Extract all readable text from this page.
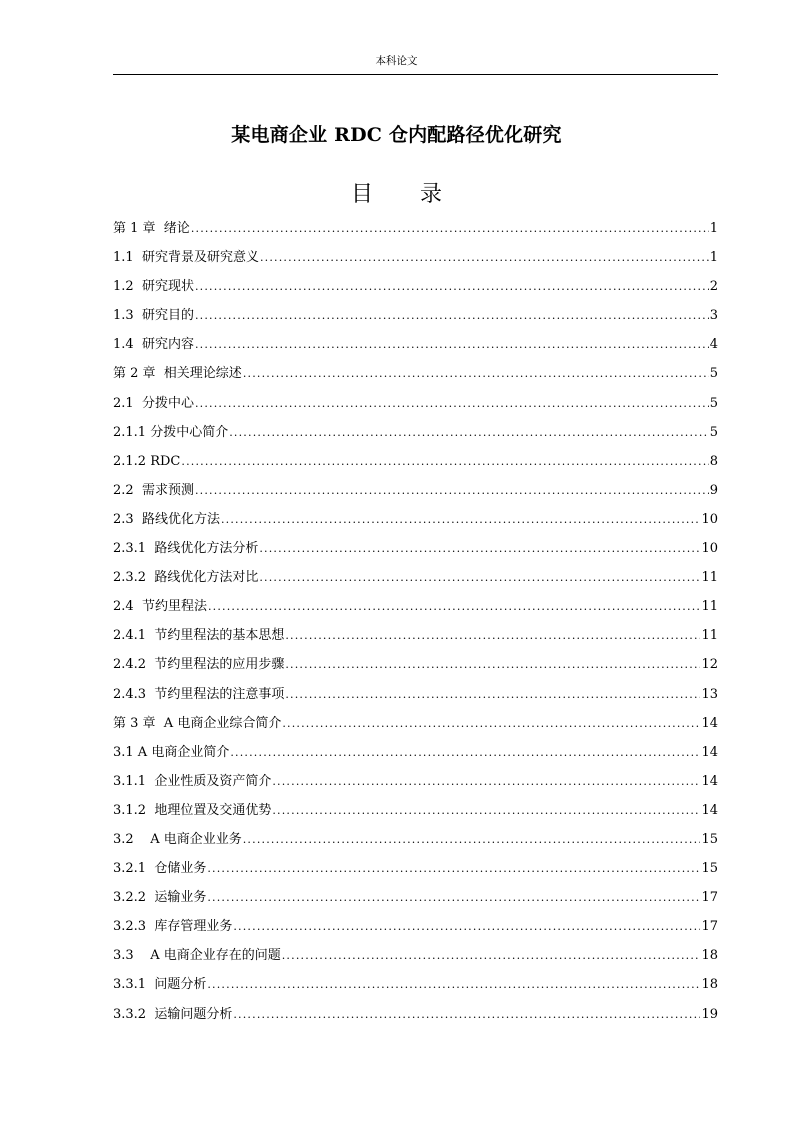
本科论文
某电商企业 RDC 仓内配路径优化研究
目 录
第 1 章  绪论 .....	1
1.1  研究背景及研究意义 .....	1
1.2  研究现状 .....	2
1.3  研究目的 .....	3
1.4  研究内容 .....	4
第 2 章  相关理论综述 .....	5
2.1  分拨中心 .....	5
2.1.1 分拨中心简介 .....	5
2.1.2 RDC .....	8
2.2  需求预测 .....	9
2.3  路线优化方法 .....	10
2.3.1  路线优化方法分析 .....	10
2.3.2  路线优化方法对比 .....	11
2.4  节约里程法 .....	11
2.4.1  节约里程法的基本思想 .....	11
2.4.2  节约里程法的应用步骤 .....	12
2.4.3  节约里程法的注意事项 .....	13
第 3 章  A 电商企业综合简介 .....	14
3.1 A 电商企业简介 .....	14
3.1.1  企业性质及资产简介 .....	14
3.1.2  地理位置及交通优势 .....	14
3.2    A 电商企业业务 .....	15
3.2.1  仓储业务 .....	15
3.2.2  运输业务 .....	17
3.2.3  库存管理业务 .....	17
3.3    A 电商企业存在的问题 .....	18
3.3.1  问题分析 .....	18
3.3.2  运输问题分析 .....	19
